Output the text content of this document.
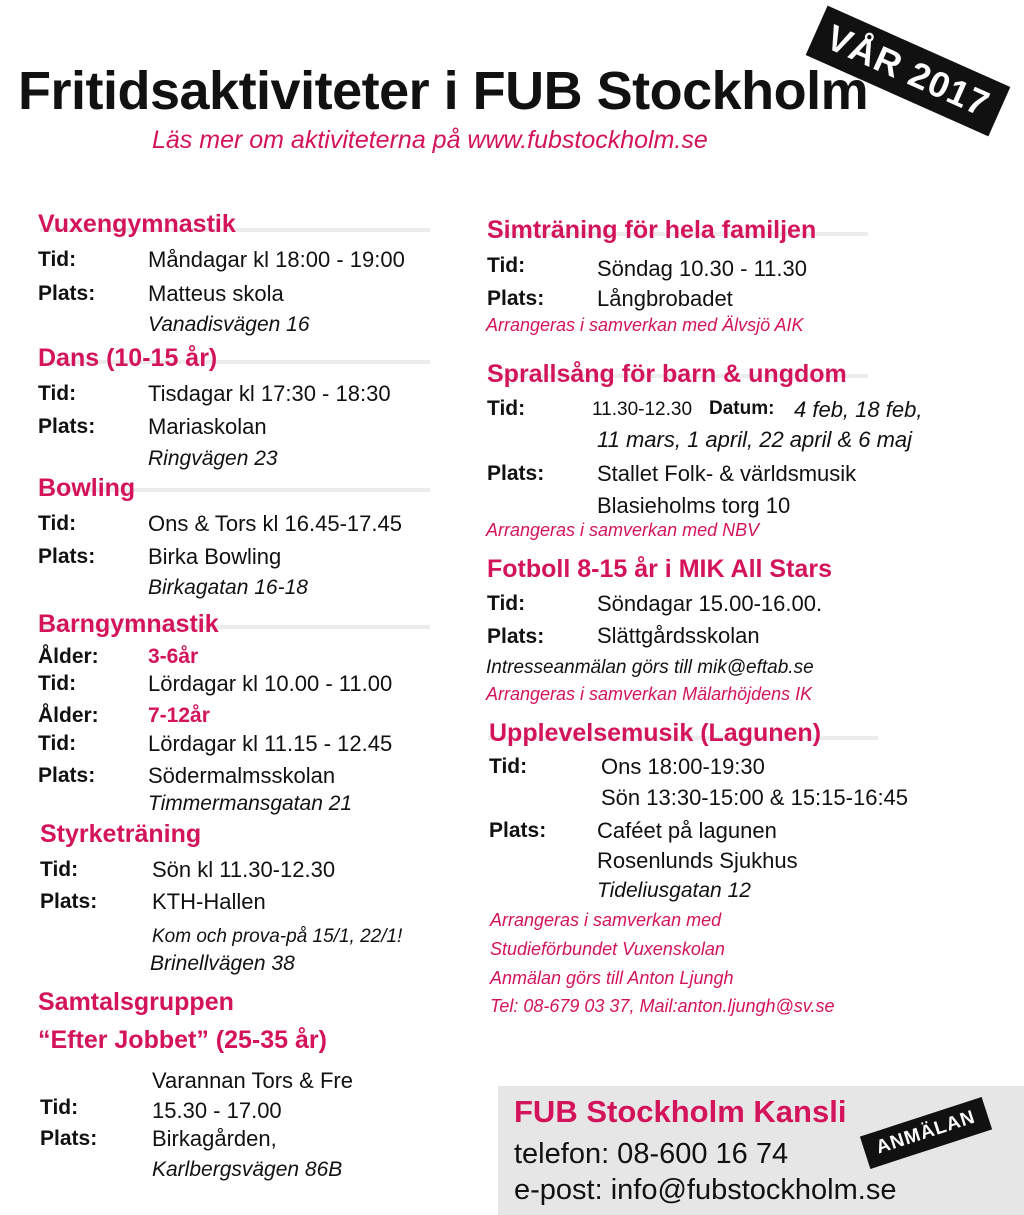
Fritidsaktiviteter i FUB Stockholm
Läs mer om aktiviteterna på www.fubstockholm.se
VÅR 2017
Vuxengymnastik
Tid:	Måndagar kl 18:00 - 19:00
Plats: Matteus skola
Vanadisvägen 16
Dans (10-15 år)
Tid:	Tisdagar kl 17:30 - 18:30
Plats: Mariaskolan
Ringvägen 23
Bowling
Tid:	Ons & Tors kl 16.45-17.45
Plats: Birka Bowling
Birkagatan 16-18
Barngymnastik
Ålder: 3-6år
Tid:	Lördagar kl 10.00 - 11.00
Ålder: 7-12år
Tid:	Lördagar kl 11.15 - 12.45
Plats: Södermalmsskolan
Timmermansgatan 21
Styrketräning
Tid:	Sön kl 11.30-12.30
Plats: KTH-Hallen
Kom och prova-på 15/1, 22/1!
Brinellvägen 38
Samtalsgruppen
“Efter Jobbet” (25-35 år)
Varannan Tors & Fre
Tid:	15.30 - 17.00
Plats: Birkagården,
Karlbergsvägen 86B
Simträning för hela familjen
Tid:	Söndag 10.30 - 11.30
Plats: Långbrobadet
Arrangeras i samverkan med Älvsjö AIK
Sprallsång för barn & ungdom
Tid:	11.30-12.30 Datum: 4 feb, 18 feb,
11 mars, 1 april, 22 april & 6 maj
Plats: Stallet Folk- & världsmusik
Blasieholms torg 10
Arrangeras i samverkan med NBV
Fotboll 8-15 år i MIK All Stars
Tid:	Söndagar 15.00-16.00.
Plats: Slättgårdsskolan
Intresseanmälan görs till mik@eftab.se
Arrangeras i samverkan Mälarhöjdens IK
Upplevelsemusik (Lagunen)
Tid:	Ons 18:00-19:30
Sön 13:30-15:00 & 15:15-16:45
Plats: Caféet på lagunen
Rosenlunds Sjukhus
Tideliusgatan 12
Arrangeras i samverkan med
Studieförbundet Vuxenskolan
Anmälan görs till Anton Ljungh
Tel: 08-679 03 37, Mail:anton.ljungh@sv.se
FUB Stockholm Kansli
telefon: 08-600 16 74
e-post: info@fubstockholm.se
ANMÄLAN
